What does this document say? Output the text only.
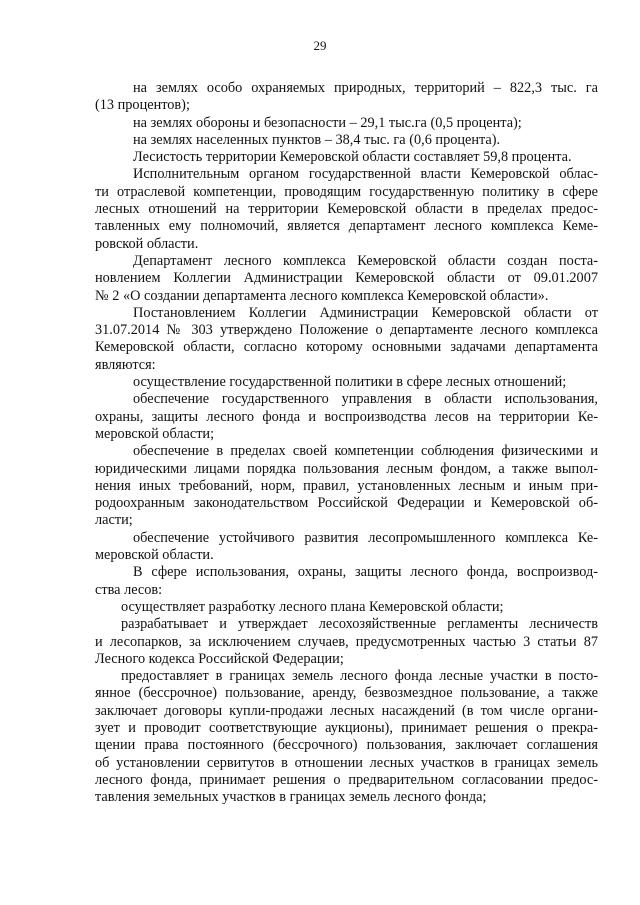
29
на землях особо охраняемых природных, территорий – 822,3 тыс. га
(13 процентов);
на землях обороны и безопасности – 29,1 тыс.га (0,5 процента);
на землях населенных пунктов – 38,4 тыс. га (0,6 процента).
Лесистость территории Кемеровской области составляет 59,8 процента.
Исполнительным органом государственной власти Кемеровской облас-
ти отраслевой компетенции, проводящим государственную политику в сфере
лесных отношений на территории Кемеровской области в пределах предос-
тавленных ему полномочий, является департамент лесного комплекса Кеме-
ровской области.
Департамент лесного комплекса Кемеровской области создан поста-
новлением Коллегии Администрации Кемеровской области от 09.01.2007
№ 2 «О создании департамента лесного комплекса Кемеровской области».
Постановлением Коллегии Администрации Кемеровской области от
31.07.2014 № 303 утверждено Положение о департаменте лесного комплекса
Кемеровской области, согласно которому основными задачами департамента
являются:
осуществление государственной политики в сфере лесных отношений;
обеспечение государственного управления в области использования,
охраны, защиты лесного фонда и воспроизводства лесов на территории Ке-
меровской области;
обеспечение в пределах своей компетенции соблюдения физическими и
юридическими лицами порядка пользования лесным фондом, а также выпол-
нения иных требований, норм, правил, установленных лесным и иным при-
родоохранным законодательством Российской Федерации и Кемеровской об-
ласти;
обеспечение устойчивого развития лесопромышленного комплекса Ке-
меровской области.
В сфере использования, охраны, защиты лесного фонда, воспроизвод-
ства лесов:
осуществляет разработку лесного плана Кемеровской области;
разрабатывает и утверждает лесохозяйственные регламенты лесничеств
и лесопарков, за исключением случаев, предусмотренных частью 3 статьи 87
Лесного кодекса Российской Федерации;
предоставляет в границах земель лесного фонда лесные участки в посто-
янное (бессрочное) пользование, аренду, безвозмездное пользование, а также
заключает договоры купли-продажи лесных насаждений (в том числе органи-
зует и проводит соответствующие аукционы), принимает решения о прекра-
щении права постоянного (бессрочного) пользования, заключает соглашения
об установлении сервитутов в отношении лесных участков в границах земель
лесного фонда, принимает решения о предварительном согласовании предос-
тавления земельных участков в границах земель лесного фонда;
